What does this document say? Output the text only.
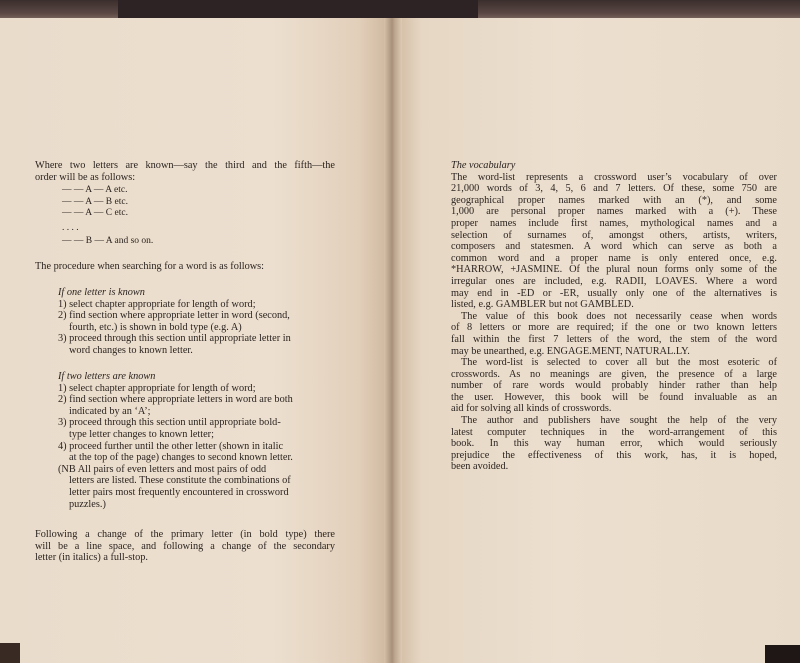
Where two letters are known—say the third and the fifth—the
order will be as follows:
— — A — A etc.
— — A — B etc.
— — A — C etc.
. . . .
— — B — A and so on.
The procedure when searching for a word is as follows:
If one letter is known
1) select chapter appropriate for length of word;
2) find section where appropriate letter in word (second,
fourth, etc.) is shown in bold type (e.g. A)
3) proceed through this section until appropriate letter in
word changes to known letter.
If two letters are known
1) select chapter appropriate for length of word;
2) find section where appropriate letters in word are both
indicated by an ‘A’;
3) proceed through this section until appropriate bold-
type letter changes to known letter;
4) proceed further until the other letter (shown in italic
at the top of the page) changes to second known letter.
(NB All pairs of even letters and most pairs of odd
letters are listed. These constitute the combinations of
letter pairs most frequently encountered in crossword
puzzles.)
Following a change of the primary letter (in bold type) there
will be a line space, and following a change of the secondary
letter (in italics) a full-stop.
The vocabulary
The word-list represents a crossword user’s vocabulary of over
21,000 words of 3, 4, 5, 6 and 7 letters. Of these, some 750 are
geographical proper names marked with an (*), and some
1,000 are personal proper names marked with a (+). These
proper names include first names, mythological names and a
selection of surnames of, amongst others, artists, writers,
composers and statesmen. A word which can serve as both a
common word and a proper name is only entered once, e.g.
*HARROW, +JASMINE. Of the plural noun forms only some of the
irregular ones are included, e.g. RADII, LOAVES. Where a word
may end in -ED or -ER, usually only one of the alternatives is
listed, e.g. GAMBLER but not GAMBLED.
The value of this book does not necessarily cease when words
of 8 letters or more are required; if the one or two known letters
fall within the first 7 letters of the word, the stem of the word
may be unearthed, e.g. ENGAGE.MENT, NATURAL.LY.
The word-list is selected to cover all but the most esoteric of
crosswords. As no meanings are given, the presence of a large
number of rare words would probably hinder rather than help
the user. However, this book will be found invaluable as an
aid for solving all kinds of crosswords.
The author and publishers have sought the help of the very
latest computer techniques in the word-arrangement of this
book. In this way human error, which would seriously
prejudice the effectiveness of this work, has, it is hoped,
been avoided.
